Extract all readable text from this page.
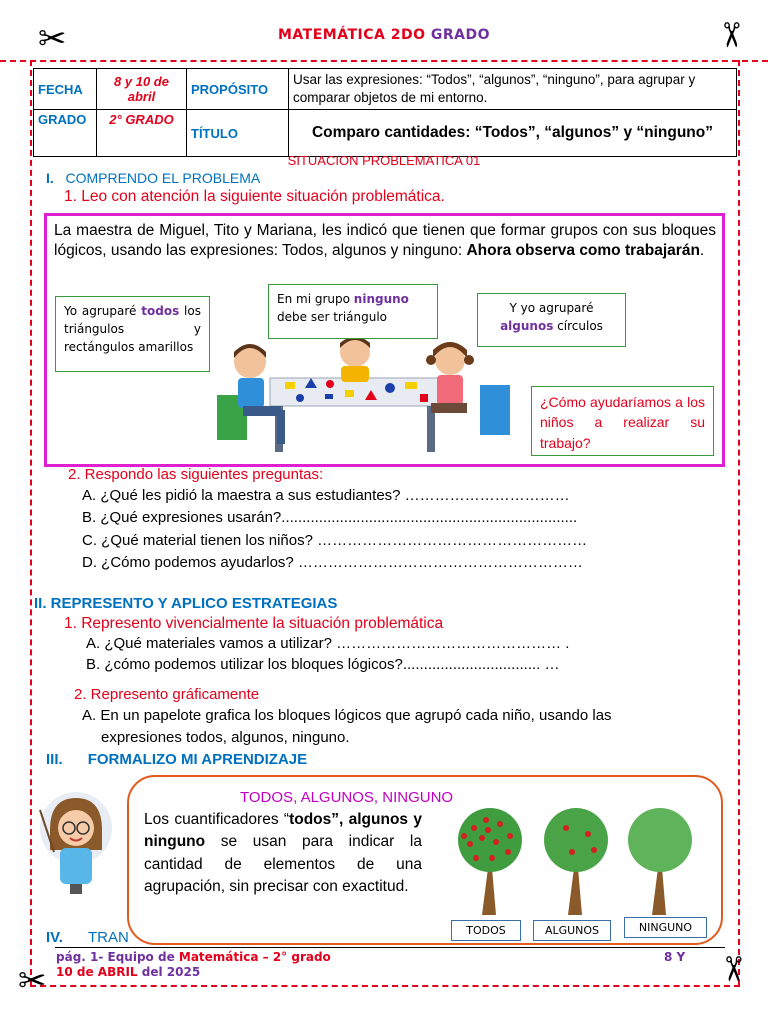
✂	✂
✂	✂
MATEMÁTICA 2DO GRADO
FECHA	8 y 10 de abril	PROPÓSITO	Usar las expresiones: “Todos”, “algunos”, “ninguno”, para agrupar y comparar objetos de mi entorno.
GRADO	2° GRADO	TÍTULO	Comparo cantidades: “Todos”, “algunos” y “ninguno”
SITUACION PROBLEMATICA 01
I. COMPRENDO EL PROBLEMA
1. Leo con atención la siguiente situación problemática.
La maestra de Miguel, Tito y Mariana, les indicó que tienen que formar grupos con sus bloques lógicos, usando las expresiones: Todos, algunos y ninguno: Ahora observa como trabajarán.
Yo agruparé todos los triángulos y rectángulos amarillos
En mi grupo ninguno debe ser triángulo
Y yo agruparé algunos círculos
¿Cómo ayudaríamos a los niños a realizar su trabajo?
2. Respondo las siguientes preguntas:
A. ¿Qué les pidió la maestra a sus estudiantes? ……………………………
B. ¿Qué expresiones usarán?.......................................................................
C. ¿Qué material tienen los niños? ………………………………………………
D. ¿Cómo podemos ayudarlos? …………………………………………………
II. REPRESENTO Y APLICO ESTRATEGIAS
1. Represento vivencialmente la situación problemática
A. ¿Qué materiales vamos a utilizar? ……………………………………… .
B. ¿cómo podemos utilizar los bloques lógicos?................................. …
2. Represento gráficamente
A. En un papelote grafica los bloques lógicos que agrupó cada niño, usando las
expresiones todos, algunos, ninguno.
III. FORMALIZO MI APRENDIZAJE
TODOS, ALGUNOS, NINGUNO
Los cuantificadores “todos”, algunos y ninguno se usan para indicar la cantidad de elementos de una agrupación, sin precisar con exactitud.
TODOS	ALGUNOS	NINGUNO
IV. TRAN
pág. 1- Equipo de Matemática – 2° grado	8 Y
10 de ABRIL del 2025
